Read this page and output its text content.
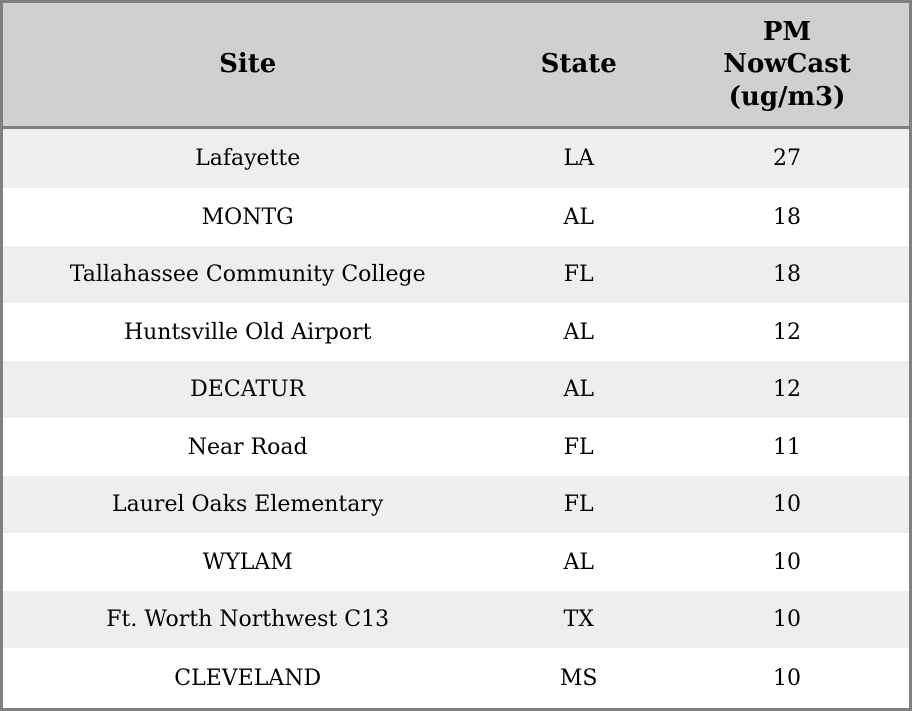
Site	State	PM NowCast (ug/m3)
Lafayette	LA	27
MONTG	AL	18
Tallahassee Community College	FL	18
Huntsville Old Airport	AL	12
DECATUR	AL	12
Near Road	FL	11
Laurel Oaks Elementary	FL	10
WYLAM	AL	10
Ft. Worth Northwest C13	TX	10
CLEVELAND	MS	10
